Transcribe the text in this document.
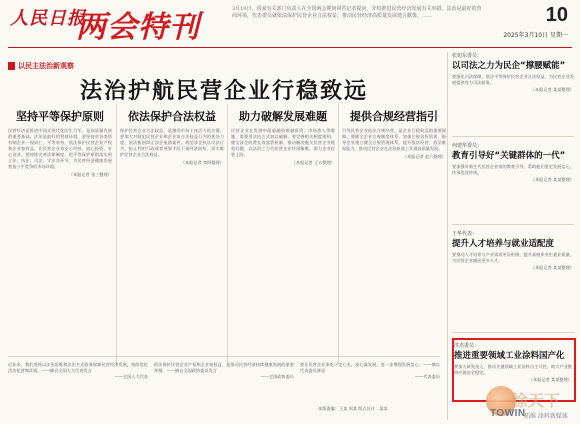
人民日报
两会特刊
3月10日，国家有关部门负责人在全国两会期间回答记者提问，介绍推进民营经济发展有关举措。法治是最好的营商环境，代表委员就依法保护民营企业合法权益，推动民营经济高质量发展建言献策，……	10
2025年3月10日 星期一
以民主法治新观察
法治护航民营企业行稳致远
坚持平等保护原则

民营经济是推进中国式现代化的生力军，是高质量发展的重要基础。法治是最好的营商环境，要坚持对各类所有制企业一视同仁、平等对待，依法保护民营企业产权和企业家权益，让民营企业家安心经营、放心投资、专心创业。要持续完善法律制度，把平等保护原则落实到立法、执法、司法、守法各环节，为民营经济健康发展营造公平竞争的市场环境。

（本报记者 张三整理）
依法保护合法权益

保护民营企业合法权益，是激发市场主体活力的关键。要加大对侵犯民营企业和企业家合法权益行为的惩处力度，依法甄别纠正涉企冤错案件，规范涉企执法司法行为，防止利用行政或者刑事手段干预经济纠纷，切实维护民营企业合法权益。

（本报记者 李四整理）
助力破解发展难题

民营企业在发展中面临融资难融资贵、市场准入等难题，需要用法治方式加以破解。要完善相关制度规则，健全涉企收费长效监管机制，推动解决拖欠民营企业账款问题，以法治之力为民营企业纾困解难，助力企业轻装上阵。

（本报记者 王五整理）
提供合规经营指引

引导民营企业依法合规经营，是企业行稳致远的重要保障。要健全企业合规制度体系，加强合规宣传培训，指导企业建立健全合规管理体系，提升依法经营、依法维权能力，推动民营企业在法治轨道上实现高质量发展。

（本报记者 赵六整理）

近年来，我们坚持以法治思维和法治方式服务保障民营经济发展，持续优化法治化营商环境。——摘自全国人大代表发言

——全国人大代表

依法保护民营企业产权和企业家权益，是推动民营经济持续健康发展的重要举措。——摘自全国政协委员发言

——全国政协委员

要让民营企业家吃下定心丸，安心谋发展，进一步增强发展信心。——摘自代表委员座谈

——代表委员
本版责编：王某 周某 版式设计：某某
张旭东委员：
以司法之力为民企“撑腰赋能”
要强化司法保障，依法平等保护民营企业合法权益，为民营企业发展提供有力司法服务。
（本报记者 某某整理）
何建华委员：
教育引导好“关键群体的一代”
要加强对新生代民营企业家的教育引导，帮助他们坚定发展信心，传承优良传统。
（本报记者 某某整理）
王华代表：
提升人才培养与就业适配度
要推动人才培养与产业需求更好衔接，提升高校毕业生就业质量，为民营企业输送更多人才。
（本报记者 某某整理）
洪杰委员：
推进重要领域工业涂料国产化
要加大研发投入，推动关键领域工业涂料自主可控，助力产业链供应链安全稳定。
（本报记者 某某整理）
涂天下
TOWIN
拓维 涂料新媒体
